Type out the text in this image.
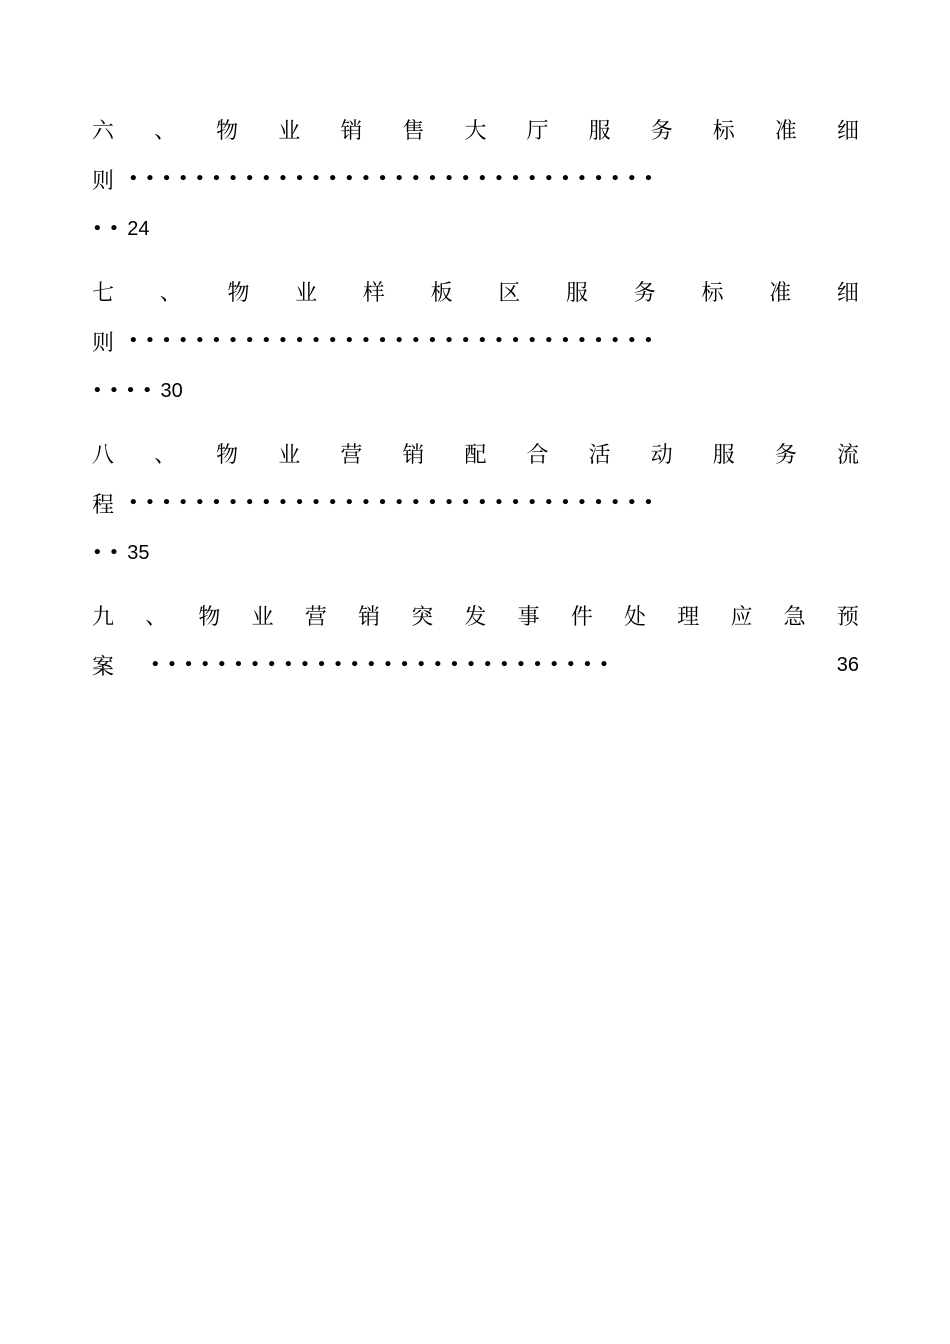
六 、 物 业 销 售 大 厅 服 务 标 准 细
则 ••••••••••••••••••••••••••••••••
•• 24
七 、 物 业 样 板 区 服 务 标 准 细
则 ••••••••••••••••••••••••••••••••
•••• 30
八 、 物 业 营 销 配 合 活 动 服 务 流
程 ••••••••••••••••••••••••••••••••
•• 35
九 、 物 业 营 销 突 发 事 件 处 理 应 急 预
案 ••••••••••••••••••••••••••••	36
